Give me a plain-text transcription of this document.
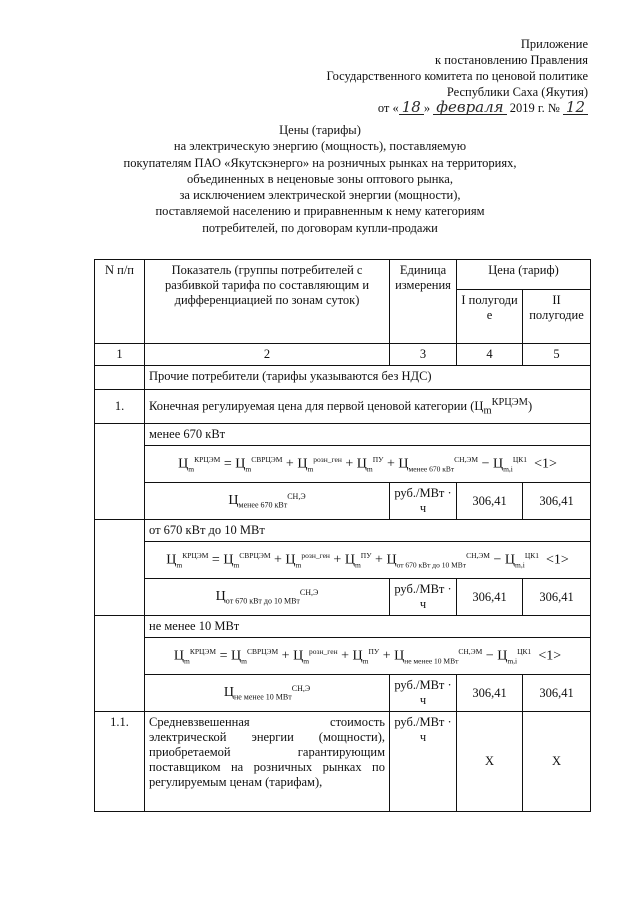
Приложение
к постановлению Правления
Государственного комитета по ценовой политике
Республики Саха (Якутия)
от « 18 » февраля 2019 г. № 12
Цены (тарифы)
на электрическую энергию (мощность), поставляемую
покупателям ПАО «Якутскэнерго» на розничных рынках на территориях,
объединенных в неценовые зоны оптового рынка,
за исключением электрической энергии (мощности),
поставляемой населению и приравненным к нему категориям
потребителей, по договорам купли-продажи
N п/п	Показатель (группы потребителей с разбивкой тарифа по составляющим и дифференциацией по зонам суток)	Единица измерения	Цена (тариф)	
			I полугоди е	II полугодие
1	2	3	4	5
	Прочие потребители (тарифы указываются без НДС)			
1.	Конечная регулируемая цена для первой ценовой категории $(Ц_m^{КРЦЭМ})$			
	менее 670 кВт			
	$Ц_m^{КРЦЭМ} = Ц_m^{СВРЦЭМ} + Ц_m^{розн\_ген} + Ц_m^{ПУ} + Ц_{менее 670 кВт}^{СН,ЭМ} - Ц_{m,i}^{ЦК1} <1>$			
	$Ц_{менее 670 кВт}^{СН,Э}$	руб./МВт · ч	306,41	306,41
	от 670 кВт до 10 МВт			
	$Ц_m^{КРЦЭМ} = Ц_m^{СВРЦЭМ} + Ц_m^{розн\_ген} + Ц_m^{ПУ} + Ц_{от 670 кВт до 10 МВт}^{СН,ЭМ} - Ц_{m,i}^{ЦК1} <1>$			
	$Ц_{от 670 кВт до 10 МВт}^{СН,Э}$	руб./МВт · ч	306,41	306,41
	не менее 10 МВт			
	$Ц_m^{КРЦЭМ} = Ц_m^{СВРЦЭМ} + Ц_m^{розн\_ген} + Ц_m^{ПУ} + Ц_{не менее 10 МВт}^{СН,ЭМ} - Ц_{m,i}^{ЦК1} <1>$			
	$Ц_{не менее 10 МВт}^{СН,Э}$	руб./МВт · ч	306,41	306,41
1.1.	Средневзвешенная стоимость электрической энергии (мощности), приобретаемой гарантирующим поставщиком на розничных рынках по регулируемым ценам (тарифам),	руб./МВт · ч	X	X
